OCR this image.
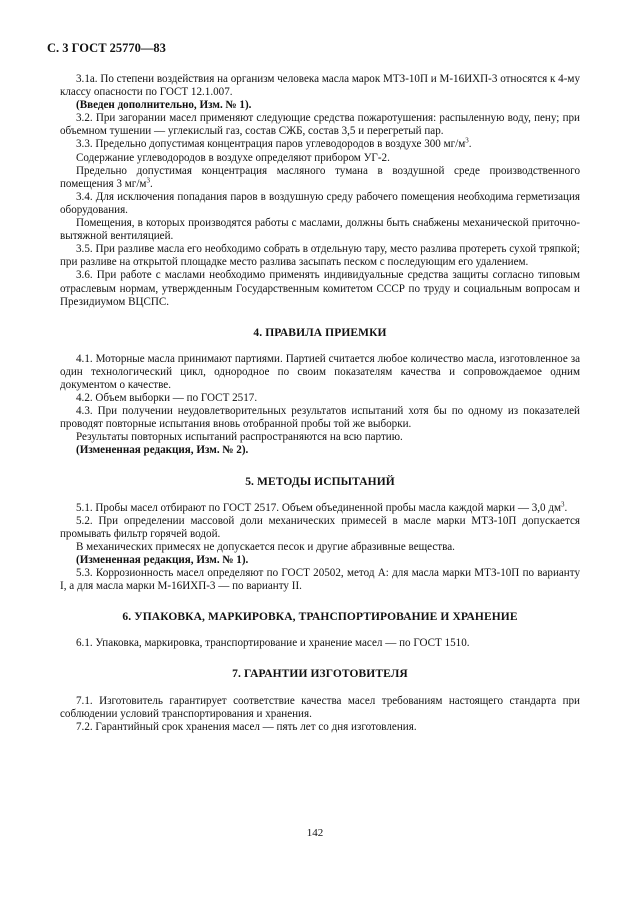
С. 3 ГОСТ 25770—83
3.1а. По степени воздействия на организм человека масла марок МТЗ-10П и М-16ИХП-3 относятся к 4-му классу опасности по ГОСТ 12.1.007.
(Введен дополнительно, Изм. № 1).
3.2. При загорании масел применяют следующие средства пожаротушения: распыленную воду, пену; при объемном тушении — углекислый газ, состав СЖБ, состав 3,5 и перегретый пар.
3.3. Предельно допустимая концентрация паров углеводородов в воздухе 300 $мг/м^3$.
Содержание углеводородов в воздухе определяют прибором УГ-2.
Предельно допустимая концентрация масляного тумана в воздушной среде производственного помещения 3 $мг/м^3$.
3.4. Для исключения попадания паров в воздушную среду рабочего помещения необходима герметизация оборудования.
Помещения, в которых производятся работы с маслами, должны быть снабжены механической приточно-вытяжной вентиляцией.
3.5. При разливе масла его необходимо собрать в отдельную тару, место разлива протереть сухой тряпкой; при разливе на открытой площадке место разлива засыпать песком с последующим его удалением.
3.6. При работе с маслами необходимо применять индивидуальные средства защиты согласно типовым отраслевым нормам, утвержденным Государственным комитетом СССР по труду и социальным вопросам и Президиумом ВЦСПС.
4. ПРАВИЛА ПРИЕМКИ
4.1. Моторные масла принимают партиями. Партией считается любое количество масла, изготовленное за один технологический цикл, однородное по своим показателям качества и сопровождаемое одним документом о качестве.
4.2. Объем выборки — по ГОСТ 2517.
4.3. При получении неудовлетворительных результатов испытаний хотя бы по одному из показателей проводят повторные испытания вновь отобранной пробы той же выборки.
Результаты повторных испытаний распространяются на всю партию.
(Измененная редакция, Изм. № 2).
5. МЕТОДЫ ИСПЫТАНИЙ
5.1. Пробы масел отбирают по ГОСТ 2517. Объем объединенной пробы масла каждой марки — 3,0 $дм^3$.
5.2. При определении массовой доли механических примесей в масле марки МТЗ-10П допускается промывать фильтр горячей водой.
В механических примесях не допускается песок и другие абразивные вещества.
(Измененная редакция, Изм. № 1).
5.3. Коррозионность масел определяют по ГОСТ 20502, метод А: для масла марки МТЗ-10П по варианту I, а для масла марки М-16ИХП-3 — по варианту II.
6. УПАКОВКА, МАРКИРОВКА, ТРАНСПОРТИРОВАНИЕ И ХРАНЕНИЕ
6.1. Упаковка, маркировка, транспортирование и хранение масел — по ГОСТ 1510.
7. ГАРАНТИИ ИЗГОТОВИТЕЛЯ
7.1. Изготовитель гарантирует соответствие качества масел требованиям настоящего стандарта при соблюдении условий транспортирования и хранения.
7.2. Гарантийный срок хранения масел — пять лет со дня изготовления.
142
